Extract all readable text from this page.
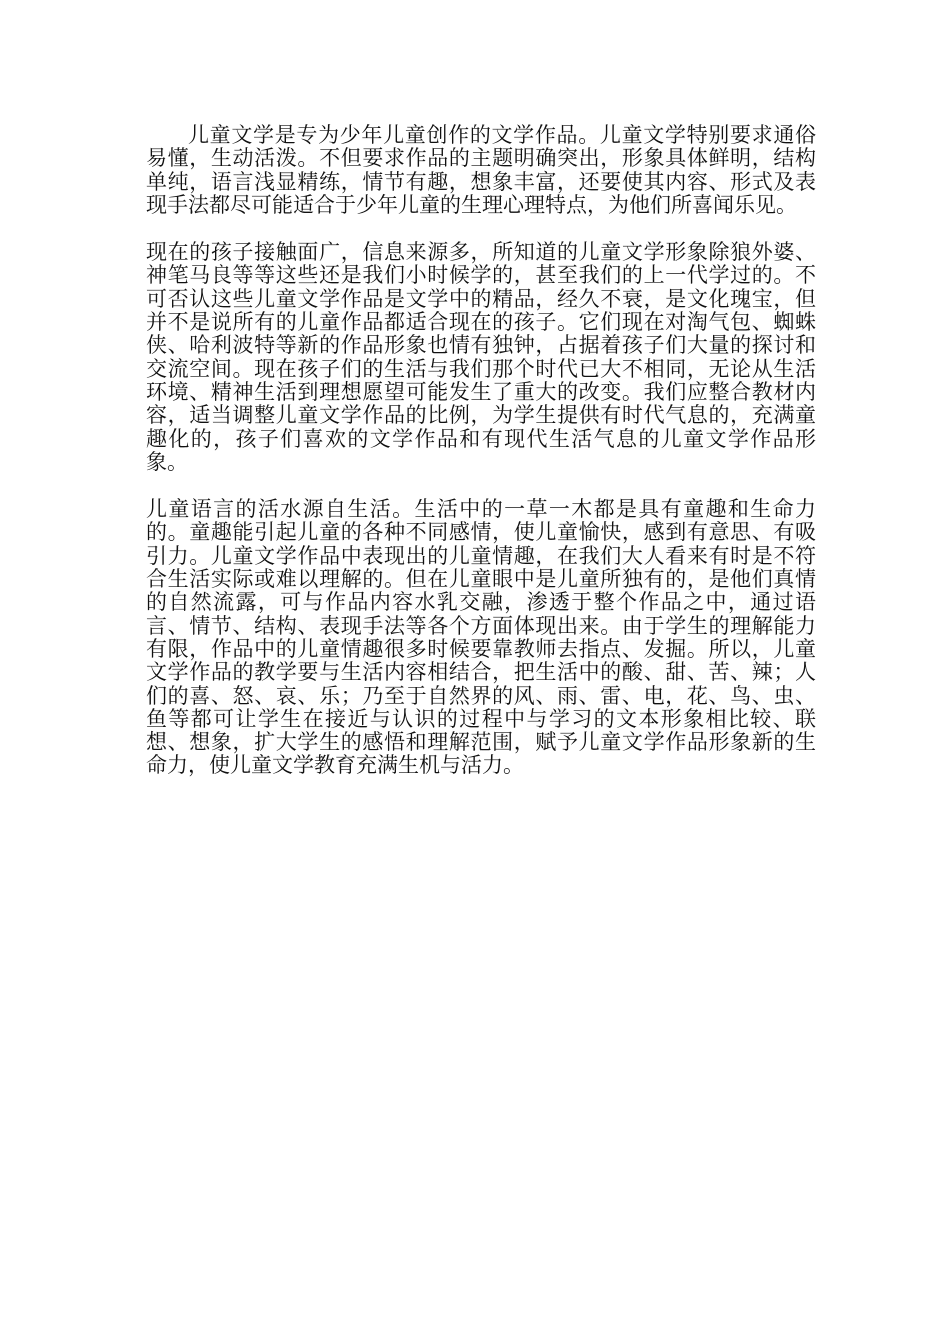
儿童文学是专为少年儿童创作的文学作品。儿童文学特别要求通俗易懂，生动活泼。不但要求作品的主题明确突出，形象具体鲜明，结构单纯，语言浅显精练，情节有趣，想象丰富，还要使其内容、形式及表现手法都尽可能适合于少年儿童的生理心理特点，为他们所喜闻乐见。

现在的孩子接触面广，信息来源多，所知道的儿童文学形象除狼外婆、神笔马良等等这些还是我们小时候学的，甚至我们的上一代学过的。不可否认这些儿童文学作品是文学中的精品，经久不衰，是文化瑰宝，但并不是说所有的儿童作品都适合现在的孩子。它们现在对淘气包、蜘蛛侠、哈利波特等新的作品形象也情有独钟，占据着孩子们大量的探讨和交流空间。现在孩子们的生活与我们那个时代已大不相同，无论从生活环境、精神生活到理想愿望可能发生了重大的改变。我们应整合教材内容，适当调整儿童文学作品的比例，为学生提供有时代气息的，充满童趣化的，孩子们喜欢的文学作品和有现代生活气息的儿童文学作品形象。

儿童语言的活水源自生活。生活中的一草一木都是具有童趣和生命力的。童趣能引起儿童的各种不同感情，使儿童愉快，感到有意思、有吸引力。儿童文学作品中表现出的儿童情趣，在我们大人看来有时是不符合生活实际或难以理解的。但在儿童眼中是儿童所独有的，是他们真情的自然流露，可与作品内容水乳交融，渗透于整个作品之中，通过语言、情节、结构、表现手法等各个方面体现出来。由于学生的理解能力有限，作品中的儿童情趣很多时候要靠教师去指点、发掘。所以，儿童文学作品的教学要与生活内容相结合，把生活中的酸、甜、苦、辣；人们的喜、怒、哀、乐；乃至于自然界的风、雨、雷、电，花、鸟、虫、鱼等都可让学生在接近与认识的过程中与学习的文本形象相比较、联想、想象，扩大学生的感悟和理解范围，赋予儿童文学作品形象新的生命力，使儿童文学教育充满生机与活力。
